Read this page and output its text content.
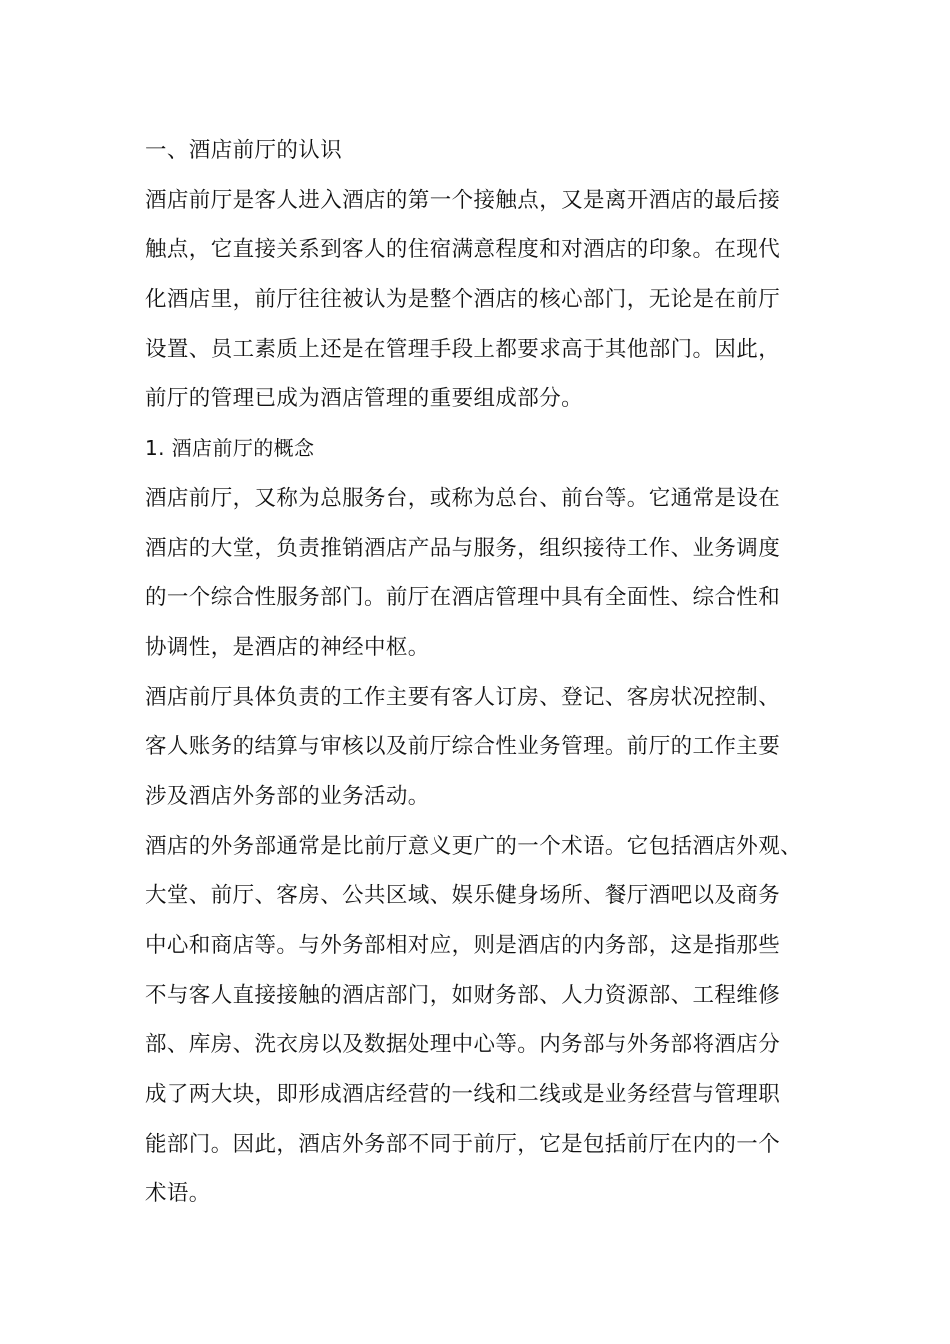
一、酒店前厅的认识
酒店前厅是客人进入酒店的第一个接触点，又是离开酒店的最后接
触点，它直接关系到客人的住宿满意程度和对酒店的印象。在现代
化酒店里，前厅往往被认为是整个酒店的核心部门，无论是在前厅
设置、员工素质上还是在管理手段上都要求高于其他部门。因此，
前厅的管理已成为酒店管理的重要组成部分。
1. 酒店前厅的概念
酒店前厅，又称为总服务台，或称为总台、前台等。它通常是设在
酒店的大堂，负责推销酒店产品与服务，组织接待工作、业务调度
的一个综合性服务部门。前厅在酒店管理中具有全面性、综合性和
协调性，是酒店的神经中枢。
酒店前厅具体负责的工作主要有客人订房、登记、客房状况控制、
客人账务的结算与审核以及前厅综合性业务管理。前厅的工作主要
涉及酒店外务部的业务活动。
酒店的外务部通常是比前厅意义更广的一个术语。它包括酒店外观、
大堂、前厅、客房、公共区域、娱乐健身场所、餐厅酒吧以及商务
中心和商店等。与外务部相对应，则是酒店的内务部，这是指那些
不与客人直接接触的酒店部门，如财务部、人力资源部、工程维修
部、库房、洗衣房以及数据处理中心等。内务部与外务部将酒店分
成了两大块，即形成酒店经营的一线和二线或是业务经营与管理职
能部门。因此，酒店外务部不同于前厅，它是包括前厅在内的一个
术语。
